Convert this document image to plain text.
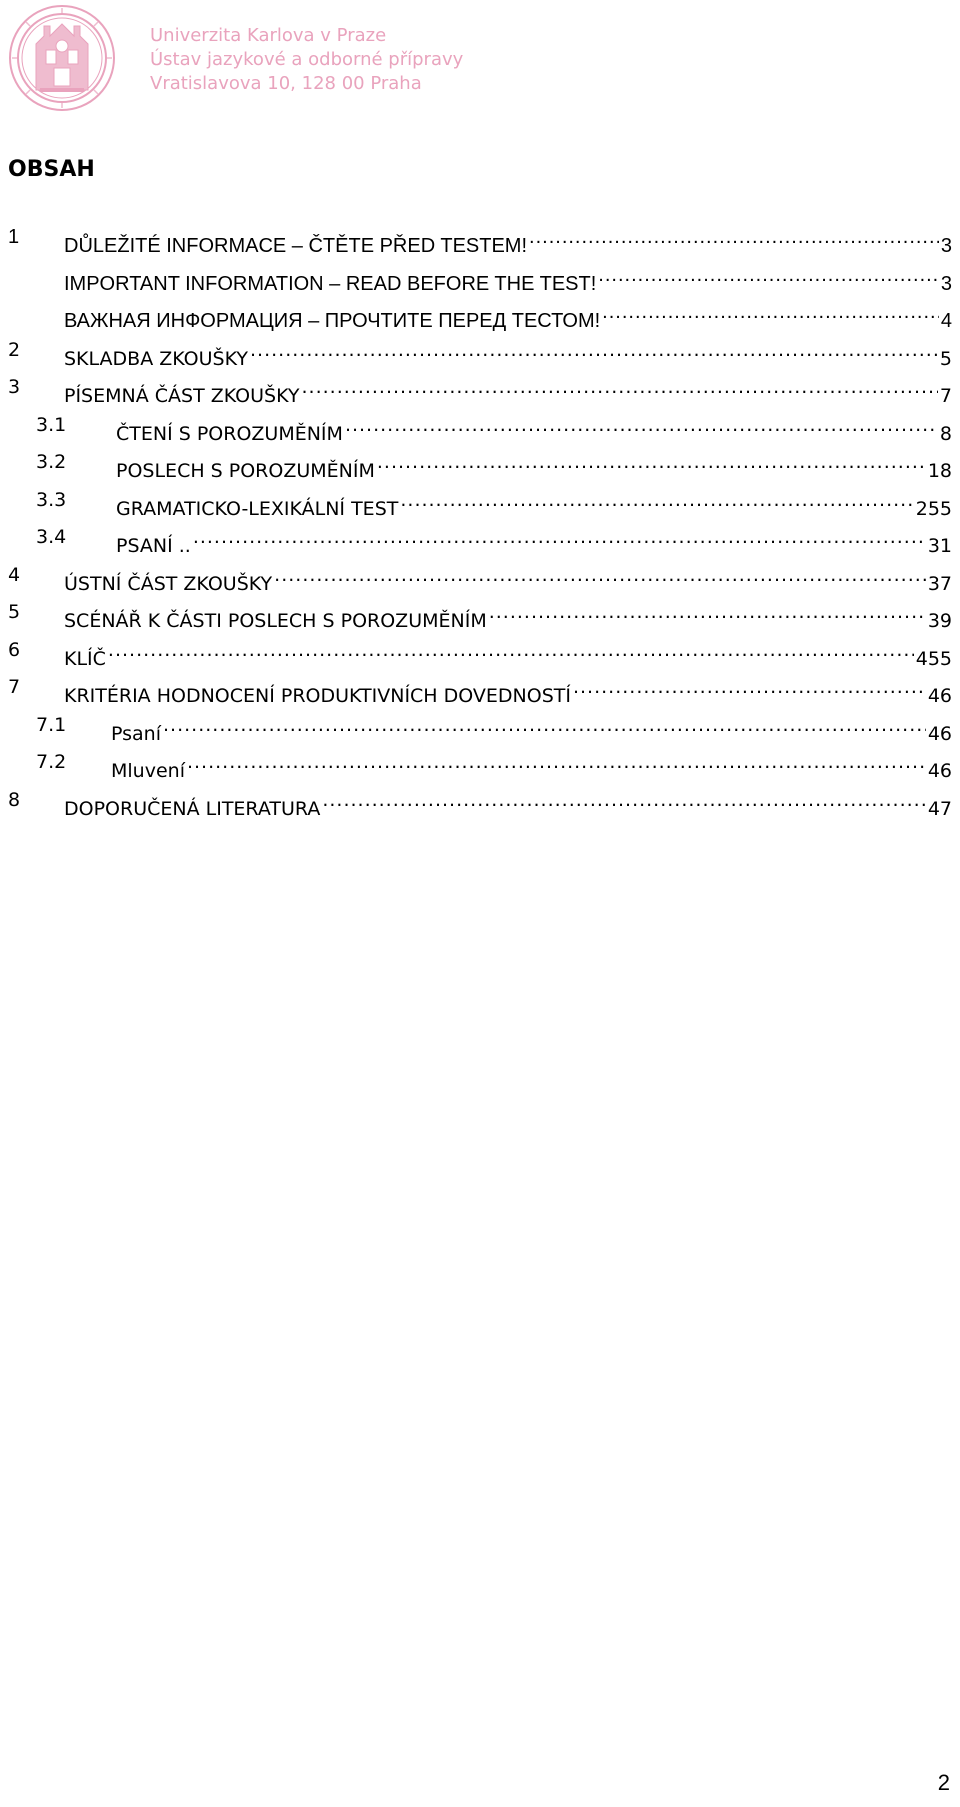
Univerzita Karlova v Praze
Ústav jazykové a odborné přípravy
Vratislavova 10, 128 00 Praha
OBSAH
1 DŮLEŽITÉ INFORMACE – ČTĚTE PŘED TESTEM! .....	3
IMPORTANT INFORMATION – READ BEFORE THE TEST! .....	3
ВАЖНАЯ ИНФОРМАЦИЯ – ПРОЧТИТЕ ПЕРЕД ТЕСТОМ! .....	4
2 SKLADBA ZKOUŠKY .....	5
3 PÍSEMNÁ ČÁST ZKOUŠKY .....	7
3.1	ČTENÍ S POROZUMĚNÍM .....	8
3.2	POSLECH S POROZUMĚNÍM .....	18
3.3	GRAMATICKO-LEXIKÁLNÍ TEST .....	255
3.4	PSANÍ .. .....	31
4 ÚSTNÍ ČÁST ZKOUŠKY .....	37
5 SCÉNÁŘ K ČÁSTI POSLECH S POROZUMĚNÍM .....	39
6 KLÍČ .....	455
7 KRITÉRIA HODNOCENÍ PRODUKTIVNÍCH DOVEDNOSTÍ .....	46
7.1 Psaní .....	46
7.2 Mluvení .....	46
8 DOPORUČENÁ LITERATURA .....	47
2
